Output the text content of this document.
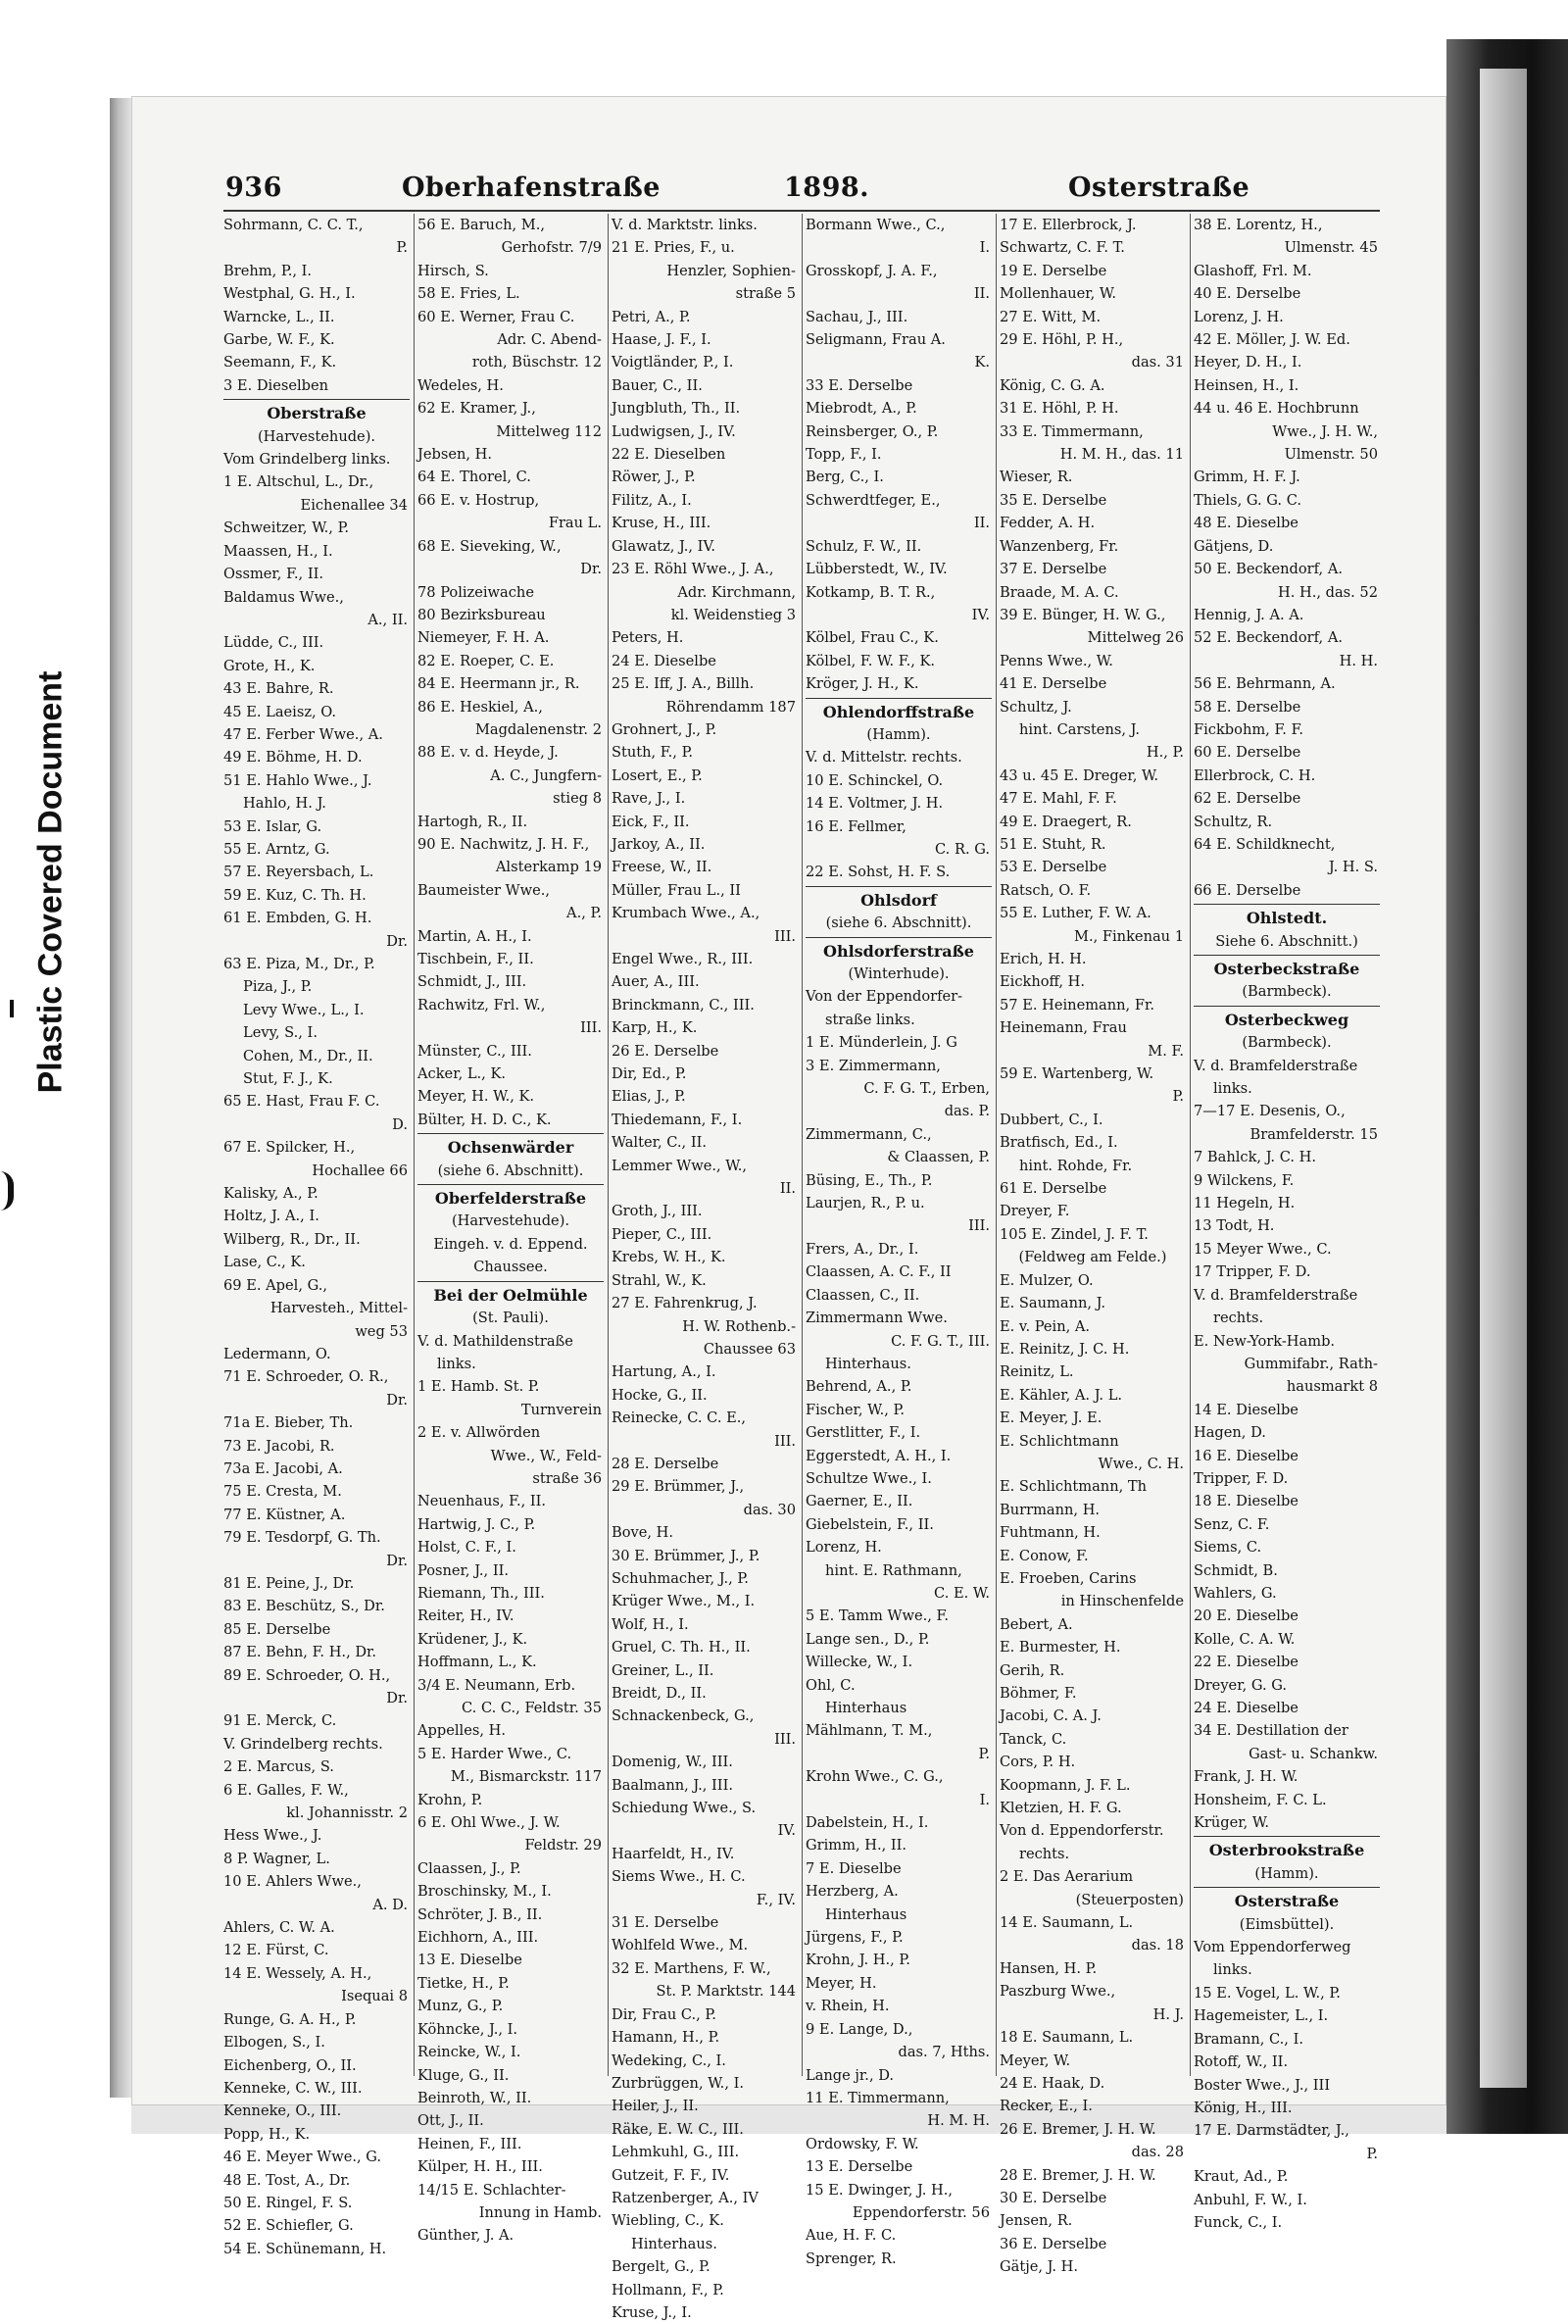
Plastic Covered Document
936	Oberhafenstraße	1898.	Osterstraße
Sohrmann, C. C. T.,
P.
Brehm, P., I.
Westphal, G. H., I.
Warncke, L., II.
Garbe, W. F., K.
Seemann, F., K.
3 E. Dieselben
Oberstraße
(Harvestehude).
Vom Grindelberg links.
1 E. Altschul, L., Dr.,
Eichenallee 34
Schweitzer, W., P.
Maassen, H., I.
Ossmer, F., II.
Baldamus Wwe.,
A., II.
Lüdde, C., III.
Grote, H., K.
43 E. Bahre, R.
45 E. Laeisz, O.
47 E. Ferber Wwe., A.
49 E. Böhme, H. D.
51 E. Hahlo Wwe., J.
Hahlo, H. J.
53 E. Islar, G.
55 E. Arntz, G.
57 E. Reyersbach, L.
59 E. Kuz, C. Th. H.
61 E. Embden, G. H.
Dr.
63 E. Piza, M., Dr., P.
Piza, J., P.
Levy Wwe., L., I.
Levy, S., I.
Cohen, M., Dr., II.
Stut, F. J., K.
65 E. Hast, Frau F. C.
D.
67 E. Spilcker, H.,
Hochallee 66
Kalisky, A., P.
Holtz, J. A., I.
Wilberg, R., Dr., II.
Lase, C., K.
69 E. Apel, G.,
Harvesteh., Mittel-
weg 53
Ledermann, O.
71 E. Schroeder, O. R.,
Dr.
71a E. Bieber, Th.
73 E. Jacobi, R.
73a E. Jacobi, A.
75 E. Cresta, M.
77 E. Küstner, A.
79 E. Tesdorpf, G. Th.
Dr.
81 E. Peine, J., Dr.
83 E. Beschütz, S., Dr.
85 E. Derselbe
87 E. Behn, F. H., Dr.
89 E. Schroeder, O. H.,
Dr.
91 E. Merck, C.
V. Grindelberg rechts.
2 E. Marcus, S.
6 E. Galles, F. W.,
kl. Johannisstr. 2
Hess Wwe., J.
8 P. Wagner, L.
10 E. Ahlers Wwe.,
A. D.
Ahlers, C. W. A.
12 E. Fürst, C.
14 E. Wessely, A. H.,
Isequai 8
Runge, G. A. H., P.
Elbogen, S., I.
Eichenberg, O., II.
Kenneke, C. W., III.
Kenneke, O., III.
Popp, H., K.
46 E. Meyer Wwe., G.
48 E. Tost, A., Dr.
50 E. Ringel, F. S.
52 E. Schiefler, G.
54 E. Schünemann, H.
56 E. Baruch, M.,
Gerhofstr. 7/9
Hirsch, S.
58 E. Fries, L.
60 E. Werner, Frau C.
Adr. C. Abend-
roth, Büschstr. 12
Wedeles, H.
62 E. Kramer, J.,
Mittelweg 112
Jebsen, H.
64 E. Thorel, C.
66 E. v. Hostrup,
Frau L.
68 E. Sieveking, W.,
Dr.
78 Polizeiwache
80 Bezirksbureau
Niemeyer, F. H. A.
82 E. Roeper, C. E.
84 E. Heermann jr., R.
86 E. Heskiel, A.,
Magdalenenstr. 2
88 E. v. d. Heyde, J.
A. C., Jungfern-
stieg 8
Hartogh, R., II.
90 E. Nachwitz, J. H. F.,
Alsterkamp 19
Baumeister Wwe.,
A., P.
Martin, A. H., I.
Tischbein, F., II.
Schmidt, J., III.
Rachwitz, Frl. W.,
III.
Münster, C., III.
Acker, L., K.
Meyer, H. W., K.
Bülter, H. D. C., K.
Ochsenwärder
(siehe 6. Abschnitt).
Oberfelderstraße
(Harvestehude).
Eingeh. v. d. Eppend.
Chaussee.
Bei der Oelmühle
(St. Pauli).
V. d. Mathildenstraße
links.
1 E. Hamb. St. P.
Turnverein
2 E. v. Allwörden
Wwe., W., Feld-
straße 36
Neuenhaus, F., II.
Hartwig, J. C., P.
Holst, C. F., I.
Posner, J., II.
Riemann, Th., III.
Reiter, H., IV.
Krüdener, J., K.
Hoffmann, L., K.
3/4 E. Neumann, Erb.
C. C. C., Feldstr. 35
Appelles, H.
5 E. Harder Wwe., C.
M., Bismarckstr. 117
Krohn, P.
6 E. Ohl Wwe., J. W.
Feldstr. 29
Claassen, J., P.
Broschinsky, M., I.
Schröter, J. B., II.
Eichhorn, A., III.
13 E. Dieselbe
Tietke, H., P.
Munz, G., P.
Köhncke, J., I.
Reincke, W., I.
Kluge, G., II.
Beinroth, W., II.
Ott, J., II.
Heinen, F., III.
Külper, H. H., III.
14/15 E. Schlachter-
Innung in Hamb.
Günther, J. A.
V. d. Marktstr. links.
21 E. Pries, F., u.
Henzler, Sophien-
straße 5
Petri, A., P.
Haase, J. F., I.
Voigtländer, P., I.
Bauer, C., II.
Jungbluth, Th., II.
Ludwigsen, J., IV.
22 E. Dieselben
Röwer, J., P.
Filitz, A., I.
Kruse, H., III.
Glawatz, J., IV.
23 E. Röhl Wwe., J. A.,
Adr. Kirchmann,
kl. Weidenstieg 3
Peters, H.
24 E. Dieselbe
25 E. Iff, J. A., Billh.
Röhrendamm 187
Grohnert, J., P.
Stuth, F., P.
Losert, E., P.
Rave, J., I.
Eick, F., II.
Jarkoy, A., II.
Freese, W., II.
Müller, Frau L., II
Krumbach Wwe., A.,
III.
Engel Wwe., R., III.
Auer, A., III.
Brinckmann, C., III.
Karp, H., K.
26 E. Derselbe
Dir, Ed., P.
Elias, J., P.
Thiedemann, F., I.
Walter, C., II.
Lemmer Wwe., W.,
II.
Groth, J., III.
Pieper, C., III.
Krebs, W. H., K.
Strahl, W., K.
27 E. Fahrenkrug, J.
H. W. Rothenb.-
Chaussee 63
Hartung, A., I.
Hocke, G., II.
Reinecke, C. C. E.,
III.
28 E. Derselbe
29 E. Brümmer, J.,
das. 30
Bove, H.
30 E. Brümmer, J., P.
Schuhmacher, J., P.
Krüger Wwe., M., I.
Wolf, H., I.
Gruel, C. Th. H., II.
Greiner, L., II.
Breidt, D., II.
Schnackenbeck, G.,
III.
Domenig, W., III.
Baalmann, J., III.
Schiedung Wwe., S.
IV.
Haarfeldt, H., IV.
Siems Wwe., H. C.
F., IV.
31 E. Derselbe
Wohlfeld Wwe., M.
32 E. Marthens, F. W.,
St. P. Marktstr. 144
Dir, Frau C., P.
Hamann, H., P.
Wedeking, C., I.
Zurbrüggen, W., I.
Heiler, J., II.
Räke, E. W. C., III.
Lehmkuhl, G., III.
Gutzeit, F. F., IV.
Ratzenberger, A., IV
Wiebling, C., K.
Hinterhaus.
Bergelt, G., P.
Hollmann, F., P.
Kruse, J., I.
Bormann Wwe., C.,
I.
Grosskopf, J. A. F.,
II.
Sachau, J., III.
Seligmann, Frau A.
K.
33 E. Derselbe
Miebrodt, A., P.
Reinsberger, O., P.
Topp, F., I.
Berg, C., I.
Schwerdtfeger, E.,
II.
Schulz, F. W., II.
Lübberstedt, W., IV.
Kotkamp, B. T. R.,
IV.
Kölbel, Frau C., K.
Kölbel, F. W. F., K.
Kröger, J. H., K.
Ohlendorffstraße
(Hamm).
V. d. Mittelstr. rechts.
10 E. Schinckel, O.
14 E. Voltmer, J. H.
16 E. Fellmer,
C. R. G.
22 E. Sohst, H. F. S.
Ohlsdorf
(siehe 6. Abschnitt).
Ohlsdorferstraße
(Winterhude).
Von der Eppendorfer-
straße links.
1 E. Münderlein, J. G
3 E. Zimmermann,
C. F. G. T., Erben,
das. P.
Zimmermann, C.,
& Claassen, P.
Büsing, E., Th., P.
Laurjen, R., P. u.
III.
Frers, A., Dr., I.
Claassen, A. C. F., II
Claassen, C., II.
Zimmermann Wwe.
C. F. G. T., III.
Hinterhaus.
Behrend, A., P.
Fischer, W., P.
Gerstlitter, F., I.
Eggerstedt, A. H., I.
Schultze Wwe., I.
Gaerner, E., II.
Giebelstein, F., II.
Lorenz, H.
hint. E. Rathmann,
C. E. W.
5 E. Tamm Wwe., F.
Lange sen., D., P.
Willecke, W., I.
Ohl, C.
Hinterhaus
Mählmann, T. M.,
P.
Krohn Wwe., C. G.,
I.
Dabelstein, H., I.
Grimm, H., II.
7 E. Dieselbe
Herzberg, A.
Hinterhaus
Jürgens, F., P.
Krohn, J. H., P.
Meyer, H.
v. Rhein, H.
9 E. Lange, D.,
das. 7, Hths.
Lange jr., D.
11 E. Timmermann,
H. M. H.
Ordowsky, F. W.
13 E. Derselbe
15 E. Dwinger, J. H.,
Eppendorferstr. 56
Aue, H. F. C.
Sprenger, R.
17 E. Ellerbrock, J.
Schwartz, C. F. T.
19 E. Derselbe
Mollenhauer, W.
27 E. Witt, M.
29 E. Höhl, P. H.,
das. 31
König, C. G. A.
31 E. Höhl, P. H.
33 E. Timmermann,
H. M. H., das. 11
Wieser, R.
35 E. Derselbe
Fedder, A. H.
Wanzenberg, Fr.
37 E. Derselbe
Braade, M. A. C.
39 E. Bünger, H. W. G.,
Mittelweg 26
Penns Wwe., W.
41 E. Derselbe
Schultz, J.
hint. Carstens, J.
H., P.
43 u. 45 E. Dreger, W.
47 E. Mahl, F. F.
49 E. Draegert, R.
51 E. Stuht, R.
53 E. Derselbe
Ratsch, O. F.
55 E. Luther, F. W. A.
M., Finkenau 1
Erich, H. H.
Eickhoff, H.
57 E. Heinemann, Fr.
Heinemann, Frau
M. F.
59 E. Wartenberg, W.
P.
Dubbert, C., I.
Bratfisch, Ed., I.
hint. Rohde, Fr.
61 E. Derselbe
Dreyer, F.
105 E. Zindel, J. F. T.
(Feldweg am Felde.)
E. Mulzer, O.
E. Saumann, J.
E. v. Pein, A.
E. Reinitz, J. C. H.
Reinitz, L.
E. Kähler, A. J. L.
E. Meyer, J. E.
E. Schlichtmann
Wwe., C. H.
E. Schlichtmann, Th
Burrmann, H.
Fuhtmann, H.
E. Conow, F.
E. Froeben, Carins
in Hinschenfelde
Bebert, A.
E. Burmester, H.
Gerih, R.
Böhmer, F.
Jacobi, C. A. J.
Tanck, C.
Cors, P. H.
Koopmann, J. F. L.
Kletzien, H. F. G.
Von d. Eppendorferstr.
rechts.
2 E. Das Aerarium
(Steuerposten)
14 E. Saumann, L.
das. 18
Hansen, H. P.
Paszburg Wwe.,
H. J.
18 E. Saumann, L.
Meyer, W.
24 E. Haak, D.
Recker, E., I.
26 E. Bremer, J. H. W.
das. 28
28 E. Bremer, J. H. W.
30 E. Derselbe
Jensen, R.
36 E. Derselbe
Gätje, J. H.
38 E. Lorentz, H.,
Ulmenstr. 45
Glashoff, Frl. M.
40 E. Derselbe
Lorenz, J. H.
42 E. Möller, J. W. Ed.
Heyer, D. H., I.
Heinsen, H., I.
44 u. 46 E. Hochbrunn
Wwe., J. H. W.,
Ulmenstr. 50
Grimm, H. F. J.
Thiels, G. G. C.
48 E. Dieselbe
Gätjens, D.
50 E. Beckendorf, A.
H. H., das. 52
Hennig, J. A. A.
52 E. Beckendorf, A.
H. H.
56 E. Behrmann, A.
58 E. Derselbe
Fickbohm, F. F.
60 E. Derselbe
Ellerbrock, C. H.
62 E. Derselbe
Schultz, R.
64 E. Schildknecht,
J. H. S.
66 E. Derselbe
Ohlstedt.
Siehe 6. Abschnitt.)
Osterbeckstraße
(Barmbeck).
Osterbeckweg
(Barmbeck).
V. d. Bramfelderstraße
links.
7—17 E. Desenis, O.,
Bramfelderstr. 15
7 Bahlck, J. C. H.
9 Wilckens, F.
11 Hegeln, H.
13 Todt, H.
15 Meyer Wwe., C.
17 Tripper, F. D.
V. d. Bramfelderstraße
rechts.
E. New-York-Hamb.
Gummifabr., Rath-
hausmarkt 8
14 E. Dieselbe
Hagen, D.
16 E. Dieselbe
Tripper, F. D.
18 E. Dieselbe
Senz, C. F.
Siems, C.
Schmidt, B.
Wahlers, G.
20 E. Dieselbe
Kolle, C. A. W.
22 E. Dieselbe
Dreyer, G. G.
24 E. Dieselbe
34 E. Destillation der
Gast- u. Schankw.
Frank, J. H. W.
Honsheim, F. C. L.
Krüger, W.
Osterbrookstraße
(Hamm).
Osterstraße
(Eimsbüttel).
Vom Eppendorferweg
links.
15 E. Vogel, L. W., P.
Hagemeister, L., I.
Bramann, C., I.
Rotoff, W., II.
Boster Wwe., J., III
König, H., III.
17 E. Darmstädter, J.,
P.
Kraut, Ad., P.
Anbuhl, F. W., I.
Funck, C., I.
